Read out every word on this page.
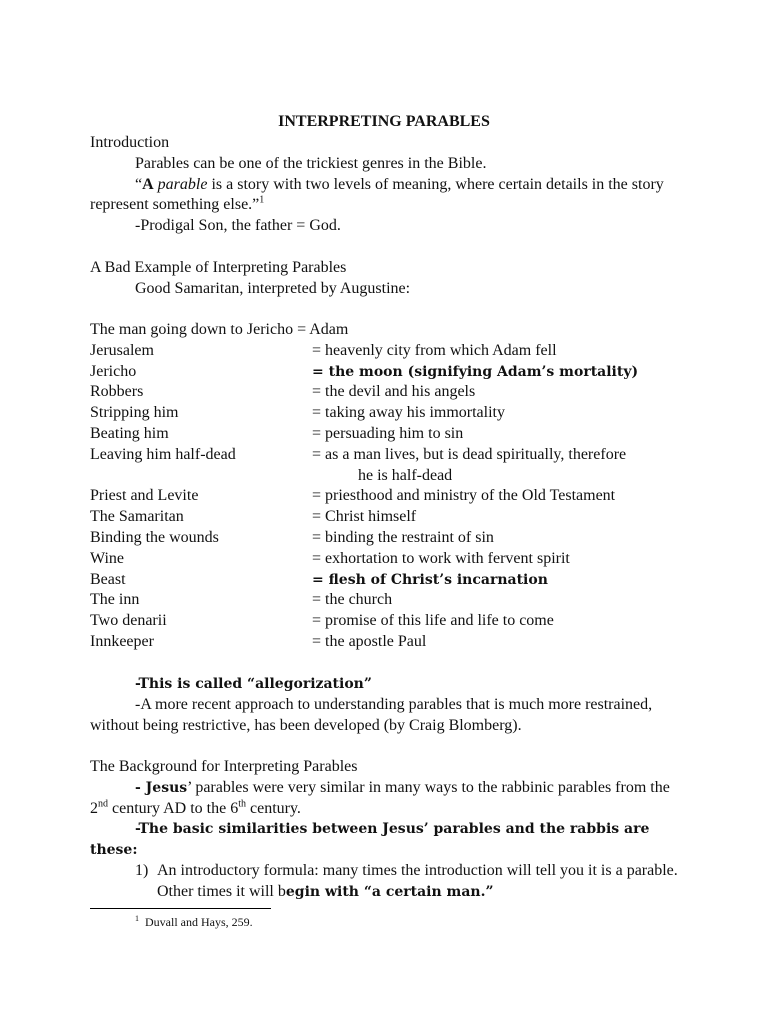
INTERPRETING PARABLES
Introduction
Parables can be one of the trickiest genres in the Bible.
“A parable is a story with two levels of meaning, where certain details in the story represent something else.”$^1$
-Prodigal Son, the father = God.
A Bad Example of Interpreting Parables
Good Samaritan, interpreted by Augustine:
The man going down to Jericho = Adam
Jerusalem	= heavenly city from which Adam fell
Jericho	= the moon (signifying Adam’s mortality)
Robbers	= the devil and his angels
Stripping him	= taking away his immortality
Beating him	= persuading him to sin
Leaving him half-dead	= as a man lives, but is dead spiritually, therefore
he is half-dead
Priest and Levite	= priesthood and ministry of the Old Testament
The Samaritan	= Christ himself
Binding the wounds	= binding the restraint of sin
Wine	= exhortation to work with fervent spirit
Beast	= flesh of Christ’s incarnation
The inn	= the church
Two denarii	= promise of this life and life to come
Innkeeper	= the apostle Paul
-This is called “allegorization”
-A more recent approach to understanding parables that is much more restrained, without being restrictive, has been developed (by Craig Blomberg).
The Background for Interpreting Parables
- Jesus’ parables were very similar in many ways to the rabbinic parables from the 2nd century AD to the 6th century.
-The basic similarities between Jesus’ parables and the rabbis are these:
1) An introductory formula: many times the introduction will tell you it is a parable. Other times it will begin with “a certain man.”
$^1$ Duvall and Hays, 259.
